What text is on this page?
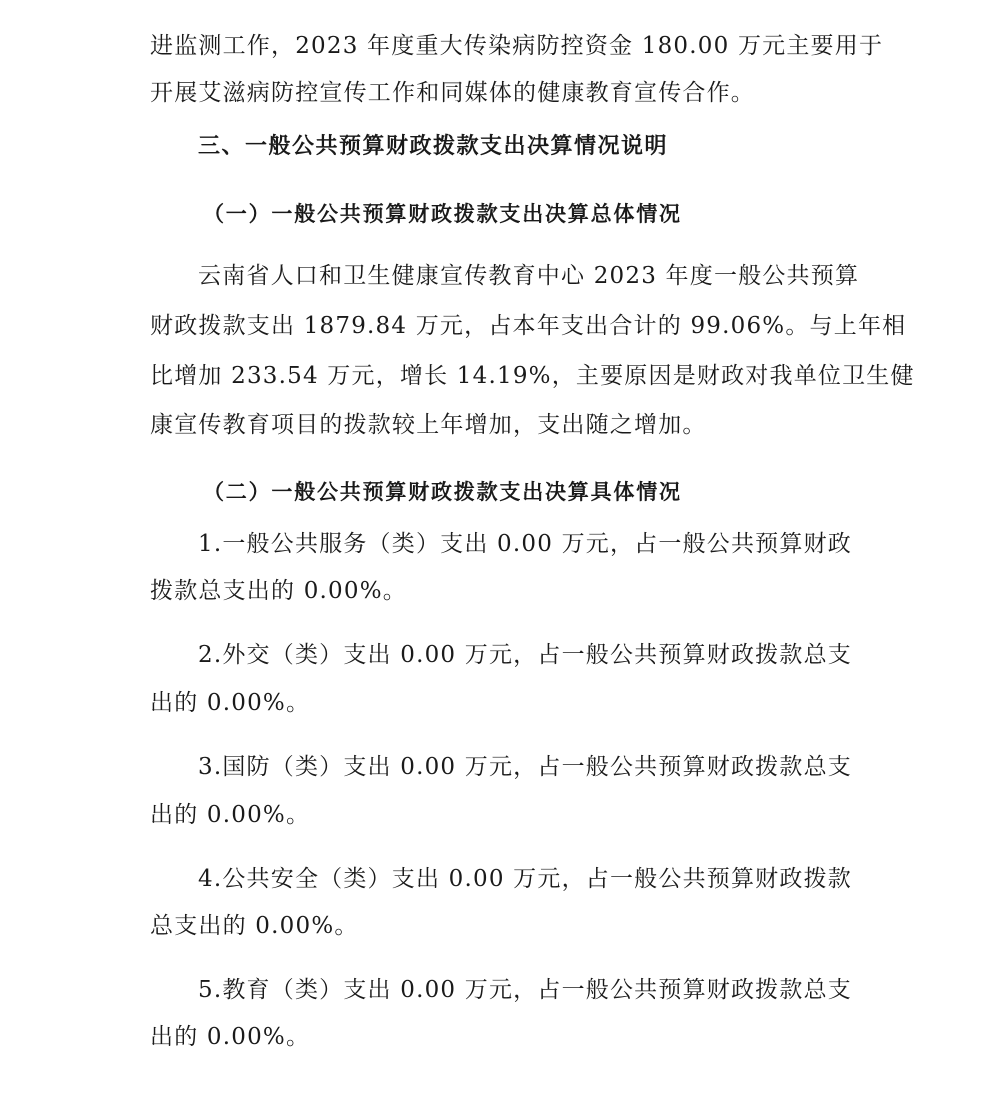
进监测工作，2023 年度重大传染病防控资金 180.00 万元主要用于
开展艾滋病防控宣传工作和同媒体的健康教育宣传合作。
三、一般公共预算财政拨款支出决算情况说明
（一）一般公共预算财政拨款支出决算总体情况
云南省人口和卫生健康宣传教育中心 2023 年度一般公共预算
财政拨款支出 1879.84 万元，占本年支出合计的 99.06%。与上年相
比增加 233.54 万元，增长 14.19%，主要原因是财政对我单位卫生健
康宣传教育项目的拨款较上年增加，支出随之增加。
（二）一般公共预算财政拨款支出决算具体情况
1.一般公共服务（类）支出 0.00 万元，占一般公共预算财政
拨款总支出的 0.00%。
2.外交（类）支出 0.00 万元，占一般公共预算财政拨款总支
出的 0.00%。
3.国防（类）支出 0.00 万元，占一般公共预算财政拨款总支
出的 0.00%。
4.公共安全（类）支出 0.00 万元，占一般公共预算财政拨款
总支出的 0.00%。
5.教育（类）支出 0.00 万元，占一般公共预算财政拨款总支
出的 0.00%。
